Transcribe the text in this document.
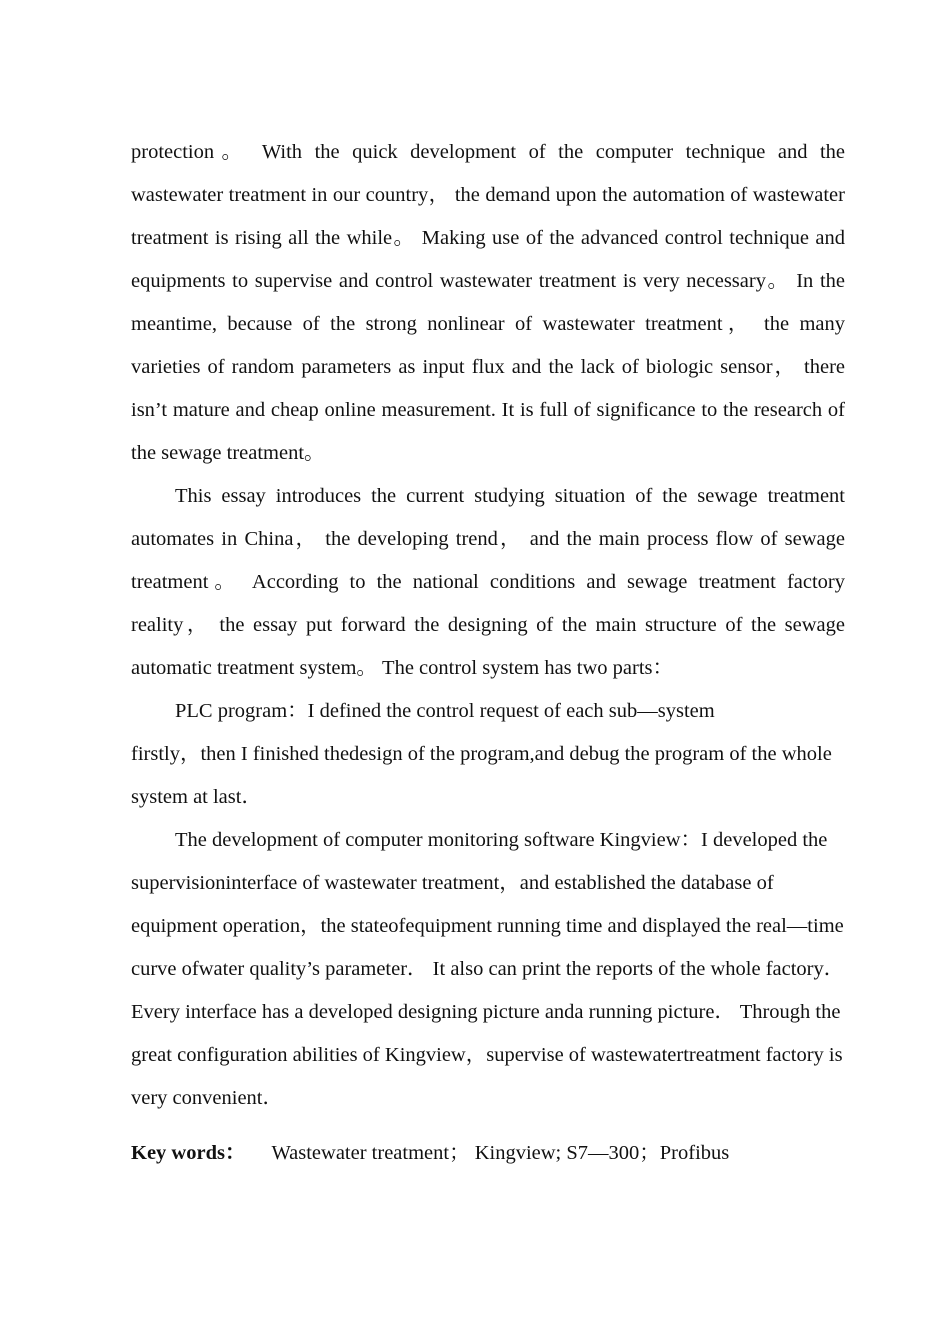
protection。 With the quick development of the computer technique and the wastewater treatment in our country， the demand upon the automation of wastewater treatment is rising all the while。 Making use of the advanced control technique and equipments to supervise and control wastewater treatment is very necessary。 In the meantime, because of the strong nonlinear of wastewater treatment， the many varieties of random parameters as input flux and the lack of biologic sensor， there isn’t mature and cheap online measurement. It is full of significance to the research of the sewage treatment。

This essay introduces the current studying situation of the sewage treatment automates in China， the developing trend， and the main process flow of sewage treatment。 According to the national conditions and sewage treatment factory reality， the essay put forward the designing of the main structure of the sewage automatic treatment system。 The control system has two parts：

PLC program：I defined the control request of each sub—system

firstly，then I finished thedesign of the program,and debug the program of the whole system at last．

The development of computer monitoring software Kingview：I developed the supervisioninterface of wastewater treatment，and established the database of equipment operation，the stateofequipment running time and displayed the real—time curve ofwater quality’s parameter． It also can print the reports of the whole factory． Every interface has a developed designing picture anda running picture． Through the great configuration abilities of Kingview，supervise of wastewatertreatment factory is very convenient．

Key words： Wastewater treatment； Kingview; S7—300；Profibus
